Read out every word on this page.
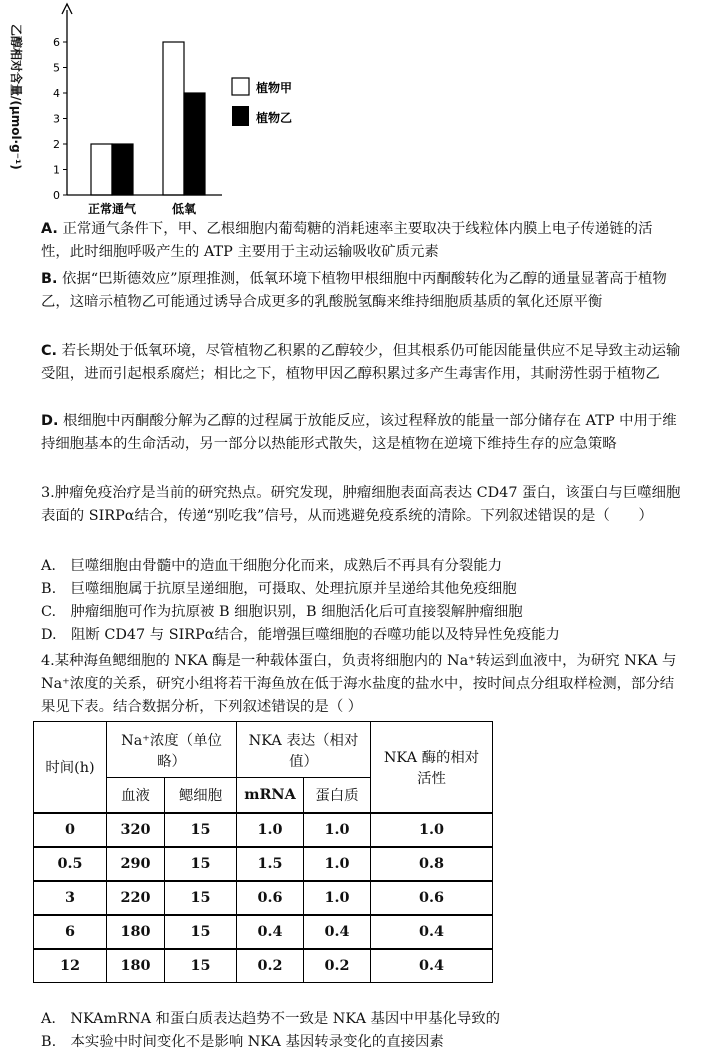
0
1
2
3
4
5
6
乙醇相对含量/(μmol·g⁻¹)
正常通气	低氧
植物甲
植物乙

A. 正常通气条件下，甲、乙根细胞内葡萄糖的消耗速率主要取决于线粒体内膜上电子传递链的活性，此时细胞呼吸产生的 ATP 主要用于主动运输吸收矿质元素

B. 依据“巴斯德效应”原理推测，低氧环境下植物甲根细胞中丙酮酸转化为乙醇的通量显著高于植物乙，这暗示植物乙可能通过诱导合成更多的乳酸脱氢酶来维持细胞质基质的氧化还原平衡

C. 若长期处于低氧环境，尽管植物乙积累的乙醇较少，但其根系仍可能因能量供应不足导致主动运输受阻，进而引起根系腐烂；相比之下，植物甲因乙醇积累过多产生毒害作用，其耐涝性弱于植物乙

D. 根细胞中丙酮酸分解为乙醇的过程属于放能反应，该过程释放的能量一部分储存在 ATP 中用于维持细胞基本的生命活动，另一部分以热能形式散失，这是植物在逆境下维持生存的应急策略

3.肿瘤免疫治疗是当前的研究热点。研究发现，肿瘤细胞表面高表达 CD47 蛋白，该蛋白与巨噬细胞表面的 SIRPα结合，传递“别吃我”信号，从而逃避免疫系统的清除。下列叙述错误的是（　　）

A.　巨噬细胞由骨髓中的造血干细胞分化而来，成熟后不再具有分裂能力

B.　巨噬细胞属于抗原呈递细胞，可摄取、处理抗原并呈递给其他免疫细胞

C.　肿瘤细胞可作为抗原被 B 细胞识别，B 细胞活化后可直接裂解肿瘤细胞

D.　阻断 CD47 与 SIRPα结合，能增强巨噬细胞的吞噬功能以及特异性免疫能力

4.某种海鱼鳃细胞的 NKA 酶是一种载体蛋白，负责将细胞内的 Na⁺转运到血液中，为研究 NKA 与 Na⁺浓度的关系，研究小组将若干海鱼放在低于海水盐度的盐水中，按时间点分组取样检测，部分结果见下表。结合数据分析，下列叙述错误的是（ ）

时间(h)	Na⁺浓度（单位略）		NKA 表达（相对值）		NKA 酶的相对活性
	血液	鳃细胞	mRNA	蛋白质	
0	320	15	1.0	1.0	1.0
0.5	290	15	1.5	1.0	0.8
3	220	15	0.6	1.0	0.6
6	180	15	0.4	0.4	0.4
12	180	15	0.2	0.2	0.4

A.　NKAmRNA 和蛋白质表达趋势不一致是 NKA 基因中甲基化导致的

B.　本实验中时间变化不是影响 NKA 基因转录变化的直接因素
